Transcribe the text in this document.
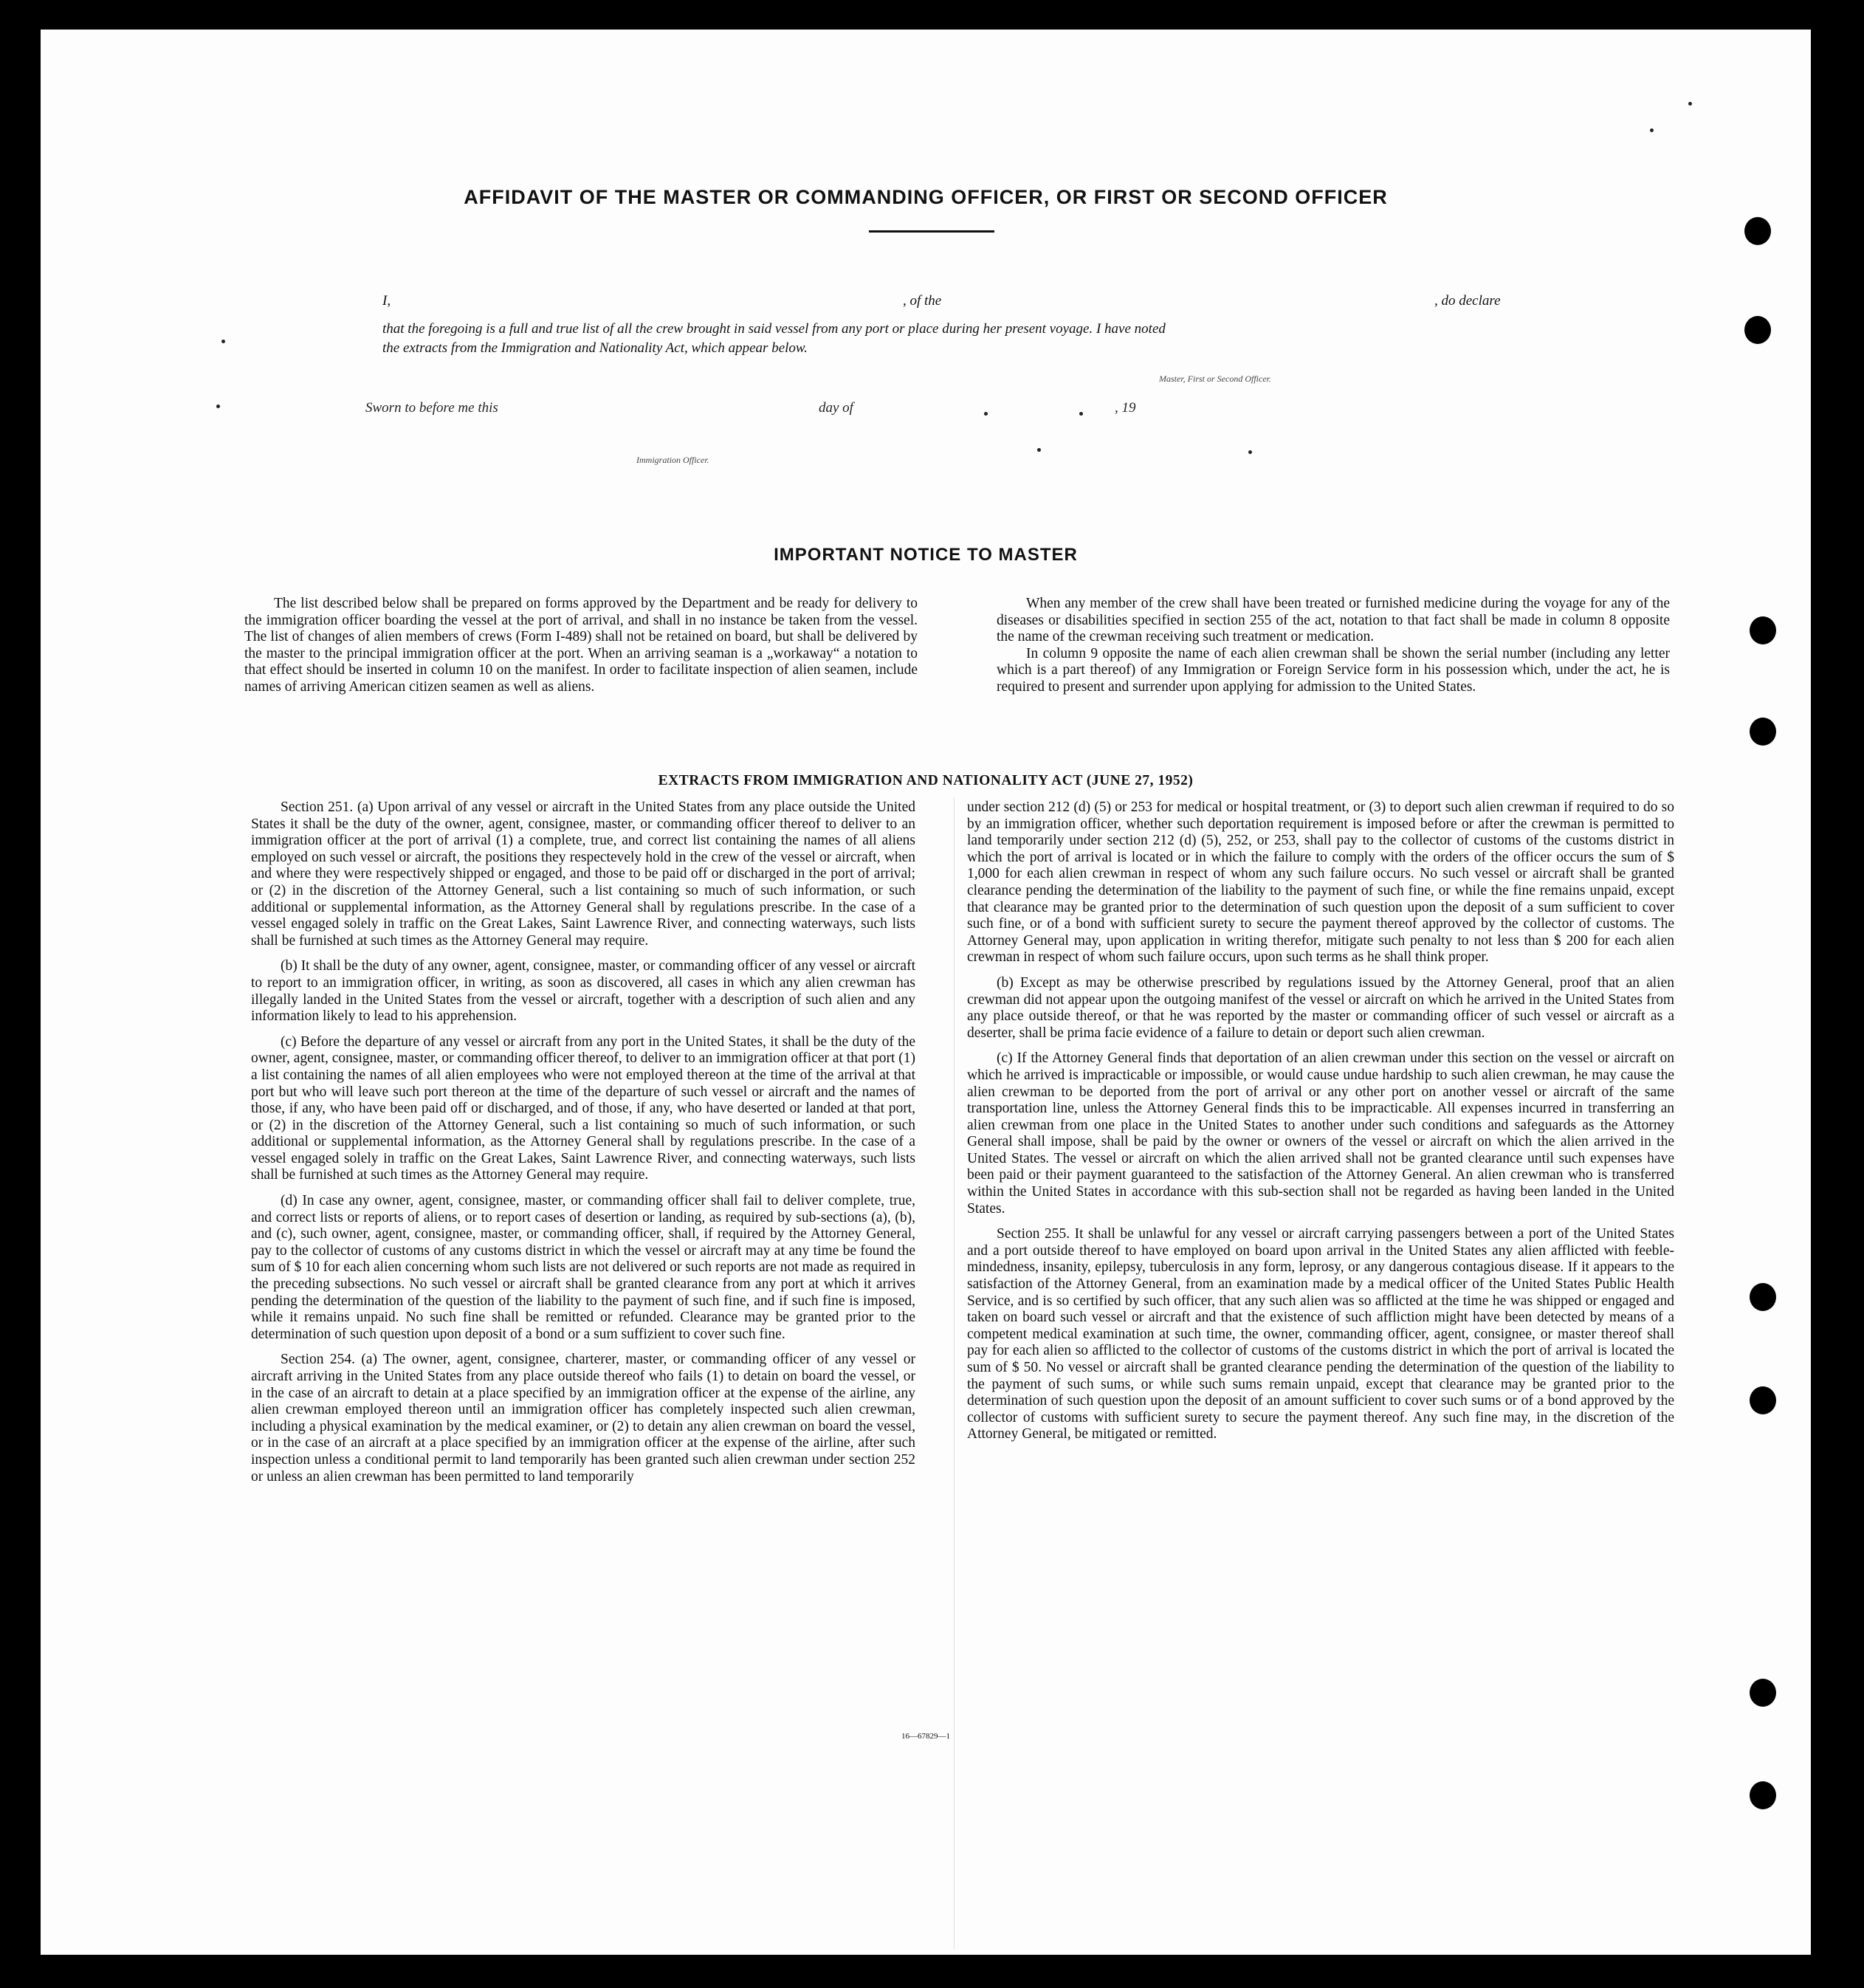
AFFIDAVIT OF THE MASTER OR COMMANDING OFFICER, OR FIRST OR SECOND OFFICER
I,	, of the	, do declare
that the foregoing is a full and true list of all the crew brought in said vessel from any port or place during her present voyage. I have noted
the extracts from the Immigration and Nationality Act, which appear below.
Master, First or Second Officer.
Sworn to before me this	day of	, 19
Immigration Officer.
IMPORTANT NOTICE TO MASTER

The list described below shall be prepared on forms approved by the Department and be ready for delivery to the immigration officer boarding the vessel at the port of arrival, and shall in no instance be taken from the vessel. The list of changes of alien members of crews (Form I-489) shall not be retained on board, but shall be delivered by the master to the principal immigration officer at the port. When an arriving seaman is a „workaway“ a notation to that effect should be inserted in column 10 on the manifest. In order to facilitate inspection of alien seamen, include names of arriving American citizen seamen as well as aliens.

When any member of the crew shall have been treated or furnished medicine during the voyage for any of the diseases or disabilities specified in section 255 of the act, notation to that fact shall be made in column 8 opposite the name of the crewman receiving such treatment or medication.

In column 9 opposite the name of each alien crewman shall be shown the serial number (including any letter which is a part thereof) of any Immigration or Foreign Service form in his possession which, under the act, he is required to present and surrender upon applying for admission to the United States.

EXTRACTS FROM IMMIGRATION AND NATIONALITY ACT (JUNE 27, 1952)

Section 251. (a) Upon arrival of any vessel or aircraft in the United States from any place outside the United States it shall be the duty of the owner, agent, consignee, master, or commanding officer thereof to deliver to an immigration officer at the port of arrival (1) a complete, true, and correct list containing the names of all aliens employed on such vessel or aircraft, the positions they respectevely hold in the crew of the vessel or aircraft, when and where they were respectively shipped or engaged, and those to be paid off or discharged in the port of arrival; or (2) in the discretion of the Attorney General, such a list containing so much of such information, or such additional or supplemental information, as the Attorney General shall by regulations prescribe. In the case of a vessel engaged solely in traffic on the Great Lakes, Saint Lawrence River, and connecting waterways, such lists shall be furnished at such times as the Attorney General may require.

(b) It shall be the duty of any owner, agent, consignee, master, or commanding officer of any vessel or aircraft to report to an immigration officer, in writing, as soon as discovered, all cases in which any alien crewman has illegally landed in the United States from the vessel or aircraft, together with a description of such alien and any information likely to lead to his apprehension.

(c) Before the departure of any vessel or aircraft from any port in the United States, it shall be the duty of the owner, agent, consignee, master, or commanding officer thereof, to deliver to an immigration officer at that port (1) a list containing the names of all alien employees who were not employed thereon at the time of the arrival at that port but who will leave such port thereon at the time of the departure of such vessel or aircraft and the names of those, if any, who have been paid off or discharged, and of those, if any, who have deserted or landed at that port, or (2) in the discretion of the Attorney General, such a list containing so much of such information, or such additional or supplemental information, as the Attorney General shall by regulations prescribe. In the case of a vessel engaged solely in traffic on the Great Lakes, Saint Lawrence River, and connecting waterways, such lists shall be furnished at such times as the Attorney General may require.

(d) In case any owner, agent, consignee, master, or commanding officer shall fail to deliver complete, true, and correct lists or reports of aliens, or to report cases of desertion or landing, as required by sub-sections (a), (b), and (c), such owner, agent, consignee, master, or commanding officer, shall, if required by the Attorney General, pay to the collector of customs of any customs district in which the vessel or aircraft may at any time be found the sum of $ 10 for each alien concerning whom such lists are not delivered or such reports are not made as required in the preceding subsections. No such vessel or aircraft shall be granted clearance from any port at which it arrives pending the determination of the question of the liability to the payment of such fine, and if such fine is imposed, while it remains unpaid. No such fine shall be remitted or refunded. Clearance may be granted prior to the determination of such question upon deposit of a bond or a sum suffizient to cover such fine.

Section 254. (a) The owner, agent, consignee, charterer, master, or commanding officer of any vessel or aircraft arriving in the United States from any place outside thereof who fails (1) to detain on board the vessel, or in the case of an aircraft to detain at a place specified by an immigration officer at the expense of the airline, any alien crewman employed thereon until an immigration officer has completely inspected such alien crewman, including a physical examination by the medical examiner, or (2) to detain any alien crewman on board the vessel, or in the case of an aircraft at a place specified by an immigration officer at the expense of the airline, after such inspection unless a conditional permit to land temporarily has been granted such alien crewman under section 252 or unless an alien crewman has been permitted to land temporarily

under section 212 (d) (5) or 253 for medical or hospital treatment, or (3) to deport such alien crewman if required to do so by an immigration officer, whether such deportation requirement is imposed before or after the crewman is permitted to land temporarily under section 212 (d) (5), 252, or 253, shall pay to the collector of customs of the customs district in which the port of arrival is located or in which the failure to comply with the orders of the officer occurs the sum of $ 1,000 for each alien crewman in respect of whom any such failure occurs. No such vessel or aircraft shall be granted clearance pending the determination of the liability to the payment of such fine, or while the fine remains unpaid, except that clearance may be granted prior to the determination of such question upon the deposit of a sum sufficient to cover such fine, or of a bond with sufficient surety to secure the payment thereof approved by the collector of customs. The Attorney General may, upon application in writing therefor, mitigate such penalty to not less than $ 200 for each alien crewman in respect of whom such failure occurs, upon such terms as he shall think proper.

(b) Except as may be otherwise prescribed by regulations issued by the Attorney General, proof that an alien crewman did not appear upon the outgoing manifest of the vessel or aircraft on which he arrived in the United States from any place outside thereof, or that he was reported by the master or commanding officer of such vessel or aircraft as a deserter, shall be prima facie evidence of a failure to detain or deport such alien crewman.

(c) If the Attorney General finds that deportation of an alien crewman under this section on the vessel or aircraft on which he arrived is impracticable or impossible, or would cause undue hardship to such alien crewman, he may cause the alien crewman to be deported from the port of arrival or any other port on another vessel or aircraft of the same transportation line, unless the Attorney General finds this to be impracticable. All expenses incurred in transferring an alien crewman from one place in the United States to another under such conditions and safeguards as the Attorney General shall impose, shall be paid by the owner or owners of the vessel or aircraft on which the alien arrived in the United States. The vessel or aircraft on which the alien arrived shall not be granted clearance until such expenses have been paid or their payment guaranteed to the satisfaction of the Attorney General. An alien crewman who is transferred within the United States in accordance with this sub-section shall not be regarded as having been landed in the United States.

Section 255. It shall be unlawful for any vessel or aircraft carrying passengers between a port of the United States and a port outside thereof to have employed on board upon arrival in the United States any alien afflicted with feeble-mindedness, insanity, epilepsy, tuberculosis in any form, leprosy, or any dangerous contagious disease. If it appears to the satisfaction of the Attorney General, from an examination made by a medical officer of the United States Public Health Service, and is so certified by such officer, that any such alien was so afflicted at the time he was shipped or engaged and taken on board such vessel or aircraft and that the existence of such affliction might have been detected by means of a competent medical examination at such time, the owner, commanding officer, agent, consignee, or master thereof shall pay for each alien so afflicted to the collector of customs of the customs district in which the port of arrival is located the sum of $ 50. No vessel or aircraft shall be granted clearance pending the determination of the question of the liability to the payment of such sums, or while such sums remain unpaid, except that clearance may be granted prior to the determination of such question upon the deposit of an amount sufficient to cover such sums or of a bond approved by the collector of customs with sufficient surety to secure the payment thereof. Any such fine may, in the discretion of the Attorney General, be mitigated or remitted.

16—67829—1
